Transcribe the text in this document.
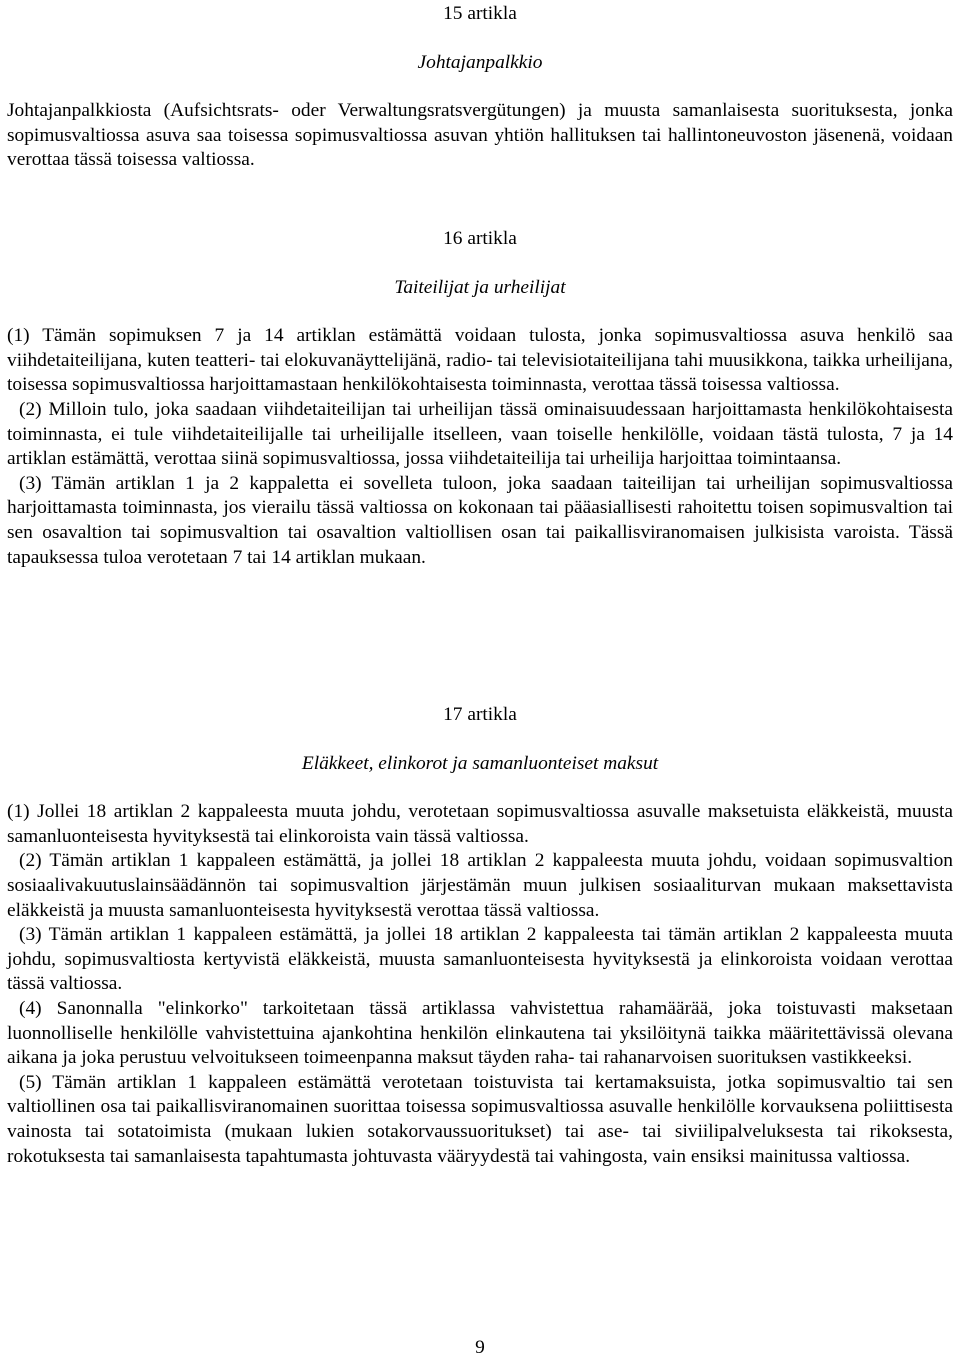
15 artikla
Johtajanpalkkio

Johtajanpalkkiosta (Aufsichtsrats- oder Verwaltungsratsvergütungen) ja muusta samanlaisesta suorituksesta, jonka sopimusvaltiossa asuva saa toisessa sopimusvaltiossa asuvan yhtiön hallituksen tai hallintoneuvoston jäsenenä, voidaan verottaa tässä toisessa valtiossa.

16 artikla
Taiteilijat ja urheilijat

(1) Tämän sopimuksen 7 ja 14 artiklan estämättä voidaan tulosta, jonka sopimusvaltiossa asuva henkilö saa viihdetaiteilijana, kuten teatteri- tai elokuvanäyttelijänä, radio- tai televisiotaiteilijana tahi muusikkona, taikka urheilijana, toisessa sopimusvaltiossa harjoittamastaan henkilökohtaisesta toiminnasta, verottaa tässä toisessa valtiossa.

(2) Milloin tulo, joka saadaan viihdetaiteilijan tai urheilijan tässä ominaisuudessaan harjoittamasta henkilökohtaisesta toiminnasta, ei tule viihdetaiteilijalle tai urheilijalle itselleen, vaan toiselle henkilölle, voidaan tästä tulosta, 7 ja 14 artiklan estämättä, verottaa siinä sopimusvaltiossa, jossa viihdetaiteilija tai urheilija harjoittaa toimintaansa.

(3) Tämän artiklan 1 ja 2 kappaletta ei sovelleta tuloon, joka saadaan taiteilijan tai urheilijan sopimusvaltiossa harjoittamasta toiminnasta, jos vierailu tässä valtiossa on kokonaan tai pääasiallisesti rahoitettu toisen sopimusvaltion tai sen osavaltion tai sopimusvaltion tai osavaltion valtiollisen osan tai paikallisviranomaisen julkisista varoista. Tässä tapauksessa tuloa verotetaan 7 tai 14 artiklan mukaan.

17 artikla
Eläkkeet, elinkorot ja samanluonteiset maksut

(1) Jollei 18 artiklan 2 kappaleesta muuta johdu, verotetaan sopimusvaltiossa asuvalle maksetuista eläkkeistä, muusta samanluonteisesta hyvityksestä tai elinkoroista vain tässä valtiossa.

(2) Tämän artiklan 1 kappaleen estämättä, ja jollei 18 artiklan 2 kappaleesta muuta johdu, voidaan sopimusvaltion sosiaalivakuutuslainsäädännön tai sopimusvaltion järjestämän muun julkisen sosiaaliturvan mukaan maksettavista eläkkeistä ja muusta samanluonteisesta hyvityksestä verottaa tässä valtiossa.

(3) Tämän artiklan 1 kappaleen estämättä, ja jollei 18 artiklan 2 kappaleesta tai tämän artiklan 2 kappaleesta muuta johdu, sopimusvaltiosta kertyvistä eläkkeistä, muusta samanluonteisesta hyvityksestä ja elinkoroista voidaan verottaa tässä valtiossa.

(4) Sanonnalla "elinkorko" tarkoitetaan tässä artiklassa vahvistettua rahamäärää, joka toistuvasti maksetaan luonnolliselle henkilölle vahvistettuina ajankohtina henkilön elinkautena tai yksilöitynä taikka määritettävissä olevana aikana ja joka perustuu velvoitukseen toimeenpanna maksut täyden raha- tai rahanarvoisen suorituksen vastikkeeksi.

(5) Tämän artiklan 1 kappaleen estämättä verotetaan toistuvista tai kertamaksuista, jotka sopimusvaltio tai sen valtiollinen osa tai paikallisviranomainen suorittaa toisessa sopimusvaltiossa asuvalle henkilölle korvauksena poliittisesta vainosta tai sotatoimista (mukaan lukien sotakorvaussuoritukset) tai ase- tai siviilipalveluksesta tai rikoksesta, rokotuksesta tai samanlaisesta tapahtumasta johtuvasta vääryydestä tai vahingosta, vain ensiksi mainitussa valtiossa.

9
